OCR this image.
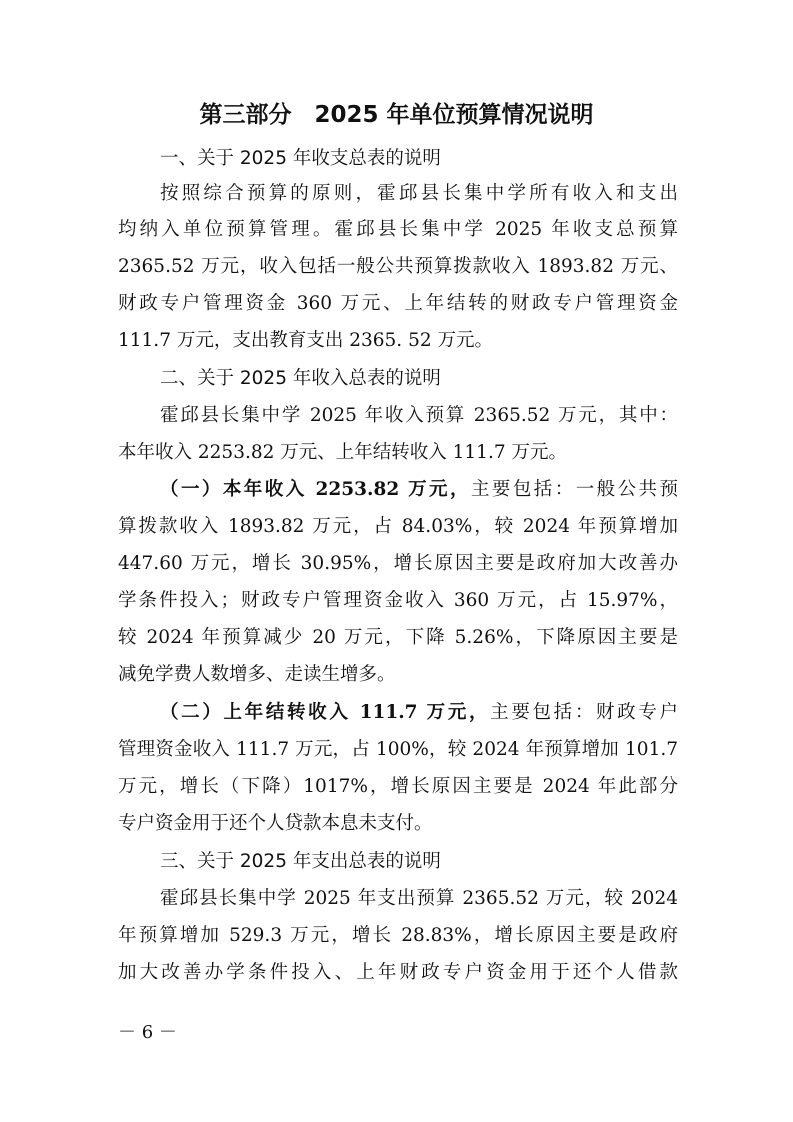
第三部分　2025 年单位预算情况说明
一、关于 2025 年收支总表的说明
按照综合预算的原则，霍邱县长集中学所有收入和支出
均纳入单位预算管理。霍邱县长集中学 2025 年收支总预算
2365.52 万元，收入包括一般公共预算拨款收入 1893.82 万元、
财政专户管理资金 360 万元、上年结转的财政专户管理资金
111.7 万元，支出教育支出 2365. 52 万元。
二、关于 2025 年收入总表的说明
霍邱县长集中学 2025 年收入预算 2365.52 万元，其中：
本年收入 2253.82 万元、上年结转收入 111.7 万元。
（一）本年收入 2253.82 万元，主要包括：一般公共预
算拨款收入 1893.82 万元，占 84.03%，较 2024 年预算增加
447.60 万元，增长 30.95%，增长原因主要是政府加大改善办
学条件投入；财政专户管理资金收入 360 万元，占 15.97%，
较 2024 年预算减少 20 万元，下降 5.26%，下降原因主要是
减免学费人数增多、走读生增多。
（二）上年结转收入 111.7 万元，主要包括：财政专户
管理资金收入 111.7 万元，占 100%，较 2024 年预算增加 101.7
万元，增长（下降）1017%，增长原因主要是 2024 年此部分
专户资金用于还个人贷款本息未支付。
三、关于 2025 年支出总表的说明
霍邱县长集中学 2025 年支出预算 2365.52 万元，较 2024
年预算增加 529.3 万元，增长 28.83%，增长原因主要是政府
加大改善办学条件投入、上年财政专户资金用于还个人借款
－ 6 －
